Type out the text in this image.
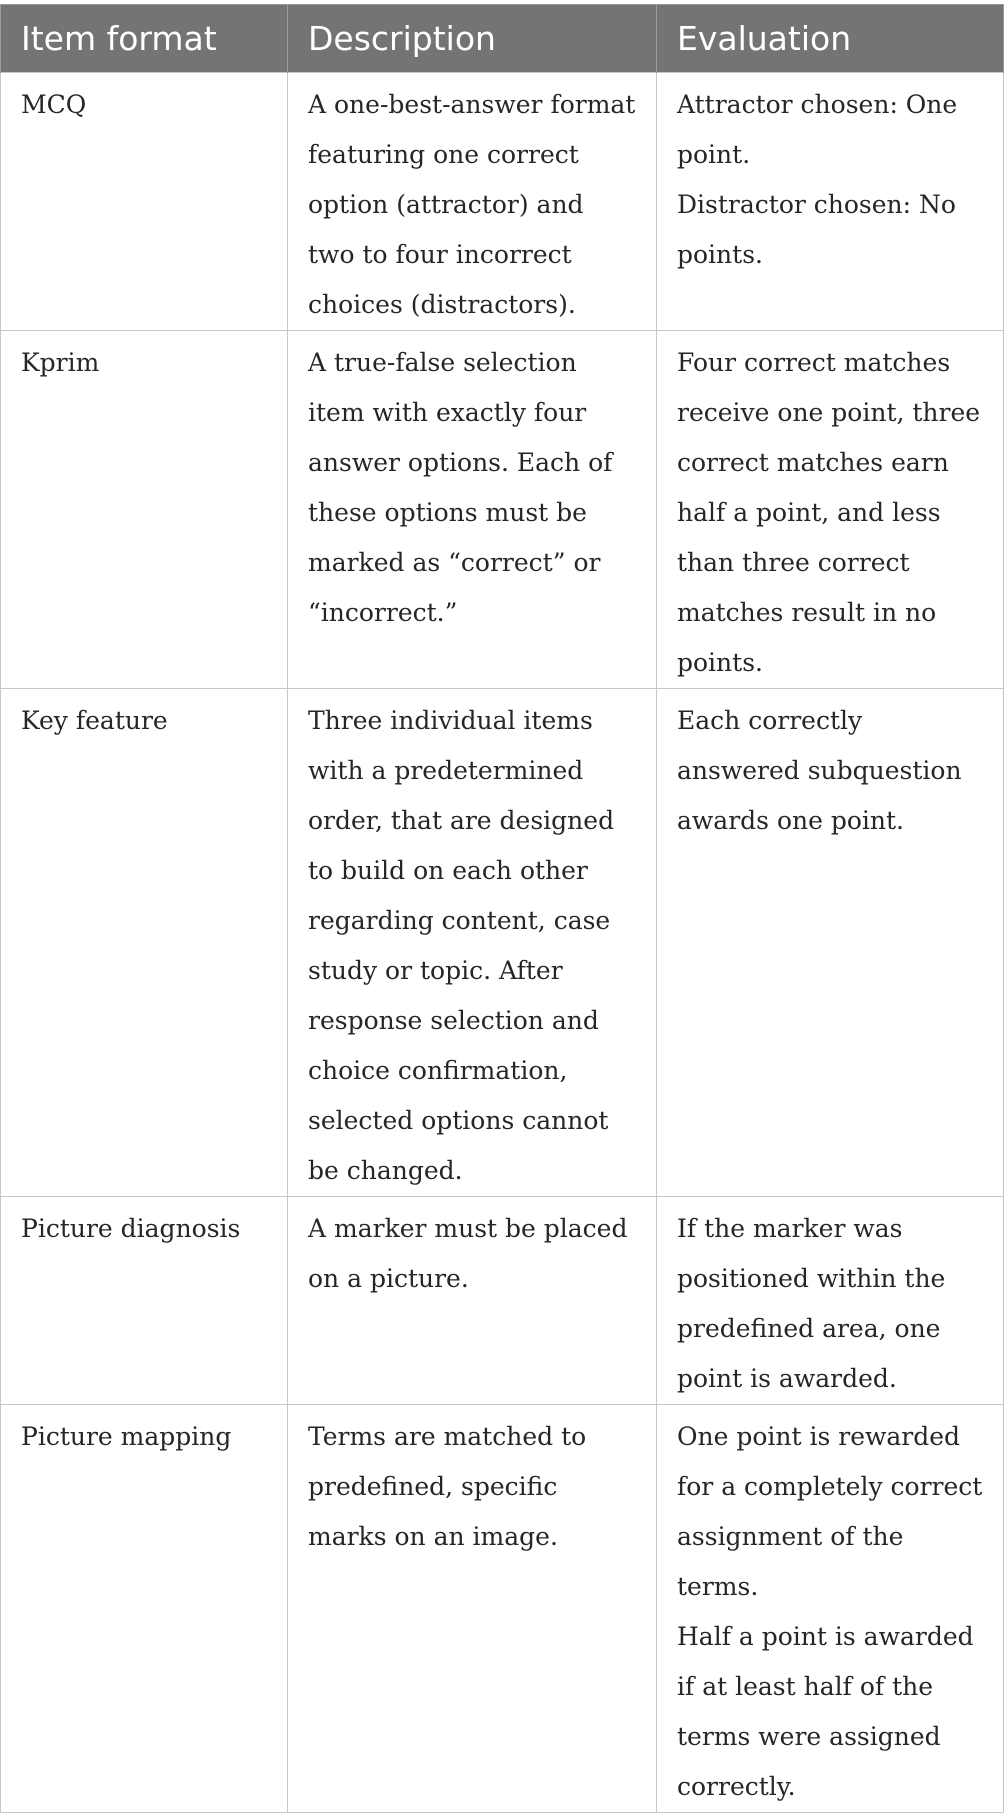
Item format	Description	Evaluation

MCQ	A one-best-answer format featuring one correct option (attractor) and two to four incorrect choices (distractors).	Attractor chosen: One point.
Distractor chosen: No points.

Kprim	A true-false selection item with exactly four answer options. Each of these options must be marked as “correct” or “incorrect.”	Four correct matches receive one point, three correct matches earn half a point, and less than three correct matches result in no points.

Key feature	Three individual items with a predetermined order, that are designed to build on each other regarding content, case study or topic. After response selection and choice confirmation, selected options cannot be changed.	Each correctly answered subquestion awards one point.

Picture diagnosis	A marker must be placed on a picture.	If the marker was positioned within the predefined area, one point is awarded.

Picture mapping	Terms are matched to predefined, specific marks on an image.	One point is rewarded for a completely correct assignment of the terms.
Half a point is awarded if at least half of the terms were assigned correctly.
